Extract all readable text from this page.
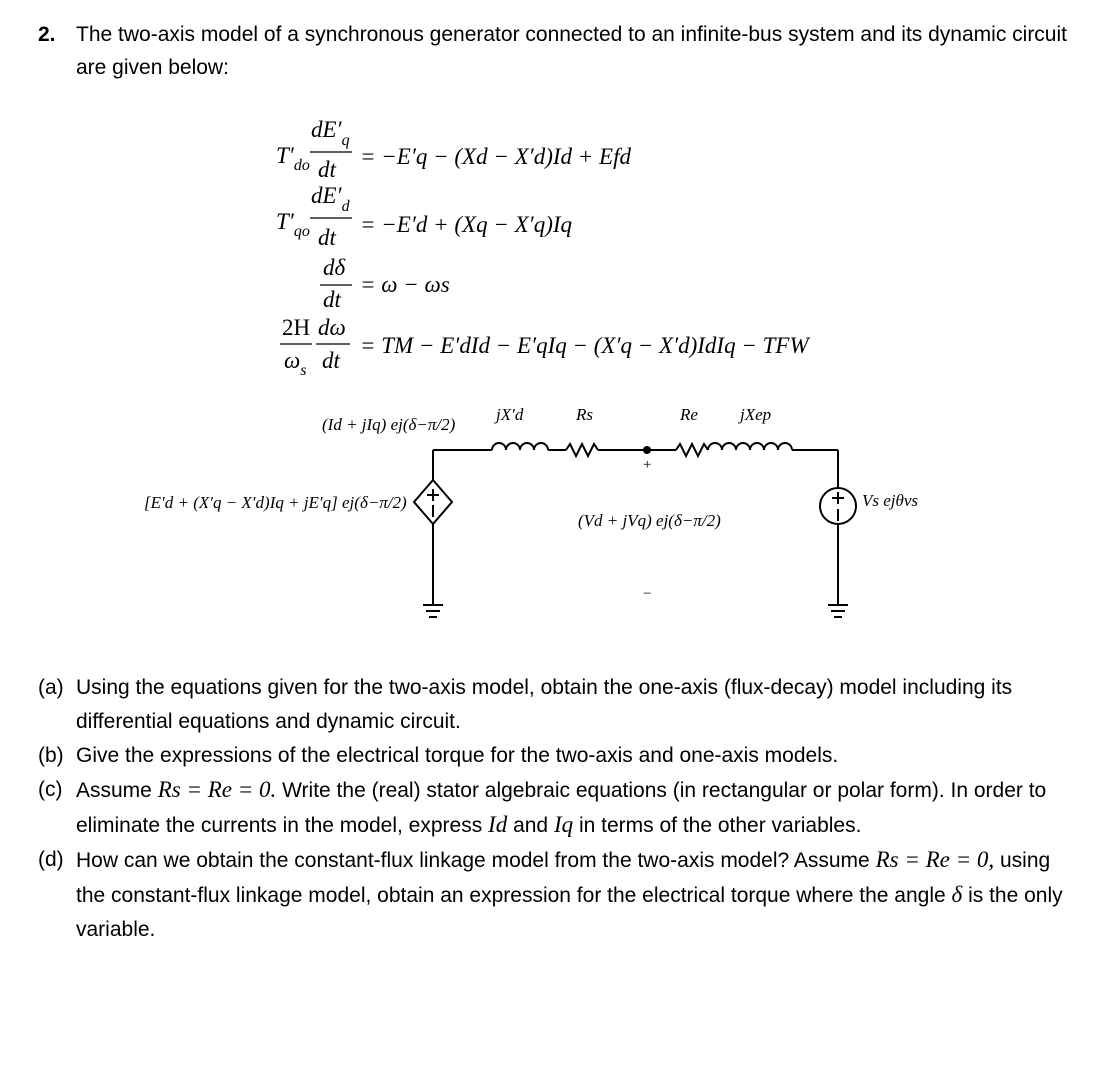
2. The two-axis model of a synchronous generator connected to an infinite-bus system and its dynamic circuit are given below:
$T'_{do}$
$dE'_q$
dt
= −E′q − (Xd − X′d)Id + Efd
$T'_{qo}$
$dE'_d$
dt
= −E′d + (Xq − X′q)Iq
dδ
dt
= ω − ωs
2H
$\omega_s$
dω
dt
= TM − E′dId − E′qIq − (X′q − X′d)IdIq − TFW
(Id + jIq) ej(δ−π/2)
jX′d	Rs	Re jXep
[E′d + (X′q − X′d)Iq + jE′q] ej(δ−π/2)
(Vd + jVq) ej(δ−π/2)
+
−
Vs ejθvs
(a) Using the equations given for the two-axis model, obtain the one-axis (flux-decay) model including its differential equations and dynamic circuit.
(b) Give the expressions of the electrical torque for the two-axis and one-axis models.
(c) Assume Rs = Re = 0. Write the (real) stator algebraic equations (in rectangular or polar form). In order to eliminate the currents in the model, express Id and Iq in terms of the other variables.
(d) How can we obtain the constant-flux linkage model from the two-axis model? Assume Rs = Re = 0, using the constant-flux linkage model, obtain an expression for the electrical torque where the angle δ is the only variable.
